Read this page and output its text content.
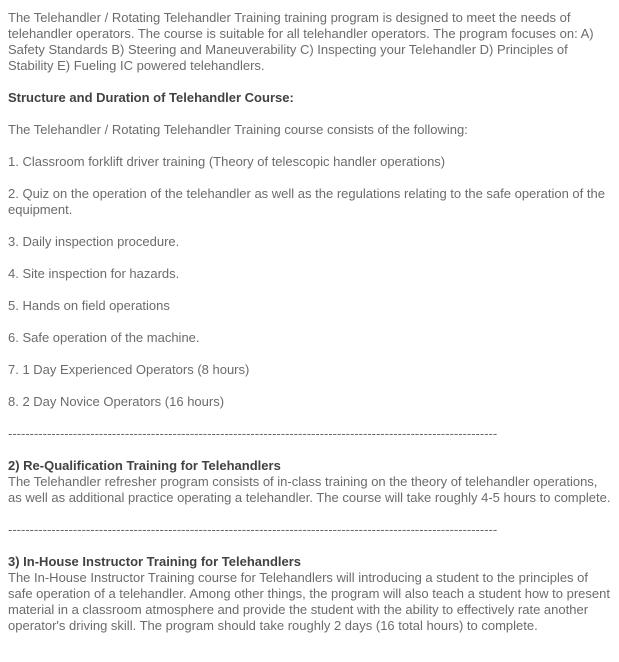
The Telehandler / Rotating Telehandler Training training program is designed to meet the needs of telehandler operators. The course is suitable for all telehandler operators. The program focuses on: A) Safety Standards B) Steering and Maneuverability C) Inspecting your Telehandler D) Principles of Stability E) Fueling IC powered telehandlers.

Structure and Duration of Telehandler Course:

The Telehandler / Rotating Telehandler Training course consists of the following:

1. Classroom forklift driver training (Theory of telescopic handler operations)

2. Quiz on the operation of the telehandler as well as the regulations relating to the safe operation of the equipment.

3. Daily inspection procedure.

4. Site inspection for hazards.

5. Hands on field operations

6. Safe operation of the machine.

7. 1 Day Experienced Operators (8 hours)

8. 2 Day Novice Operators (16 hours)

-----------------------------------------------------------------------------------------------------------------

2) Re-Qualification Training for Telehandlers
The Telehandler refresher program consists of in-class training on the theory of telehandler operations, as well as additional practice operating a telehandler. The course will take roughly 4-5 hours to complete.

-----------------------------------------------------------------------------------------------------------------

3) In-House Instructor Training for Telehandlers
The In-House Instructor Training course for Telehandlers will introducing a student to the principles of safe operation of a telehandler. Among other things, the program will also teach a student how to present material in a classroom atmosphere and provide the student with the ability to effectively rate another operator's driving skill. The program should take roughly 2 days (16 total hours) to complete.
